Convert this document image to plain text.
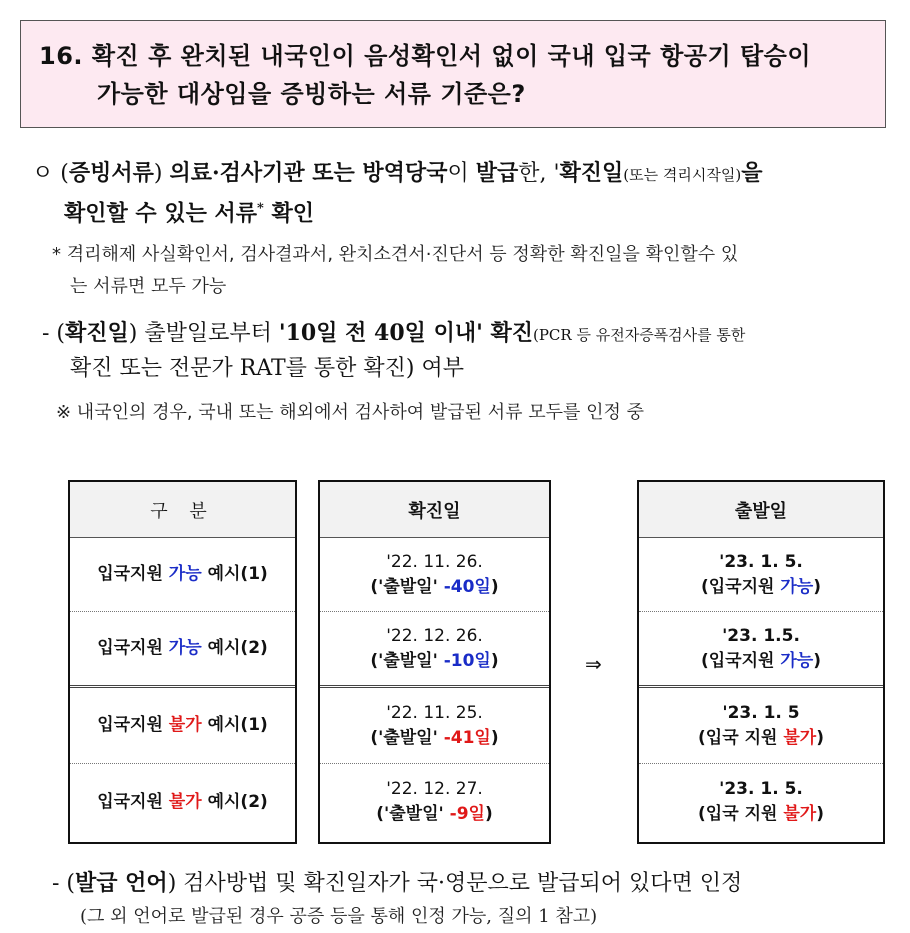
16. 확진 후 완치된 내국인이 음성확인서 없이 국내 입국 항공기 탑승이
가능한 대상임을 증빙하는 서류 기준은?
ㅇ (증빙서류) 의료·검사기관 또는 방역당국이 발급한, '확진일(또는 격리시작일)을
확인할 수 있는 서류* 확인
* 격리해제 사실확인서, 검사결과서, 완치소견서·진단서 등 정확한 확진일을 확인할수 있
는 서류면 모두 가능
- (확진일) 출발일로부터 '10일 전 40일 이내' 확진(PCR 등 유전자증폭검사를 통한
확진 또는 전문가 RAT를 통한 확진) 여부
※ 내국인의 경우, 국내 또는 해외에서 검사하여 발급된 서류 모두를 인정 중
구 분
입국지원 가능 예시(1)
입국지원 가능 예시(2)
입국지원 불가 예시(1)
입국지원 불가 예시(2)
확진일
'22. 11. 26.
('출발일' -40일)
'22. 12. 26.
('출발일' -10일)
'22. 11. 25.
('출발일' -41일)
'22. 12. 27.
('출발일' -9일)
⇒
출발일
'23. 1. 5.
(입국지원 가능)
'23. 1.5.
(입국지원 가능)
'23. 1. 5
(입국 지원 불가)
'23. 1. 5.
(입국 지원 불가)
- (발급 언어) 검사방법 및 확진일자가 국·영문으로 발급되어 있다면 인정
(그 외 언어로 발급된 경우 공증 등을 통해 인정 가능, 질의 1 참고)
